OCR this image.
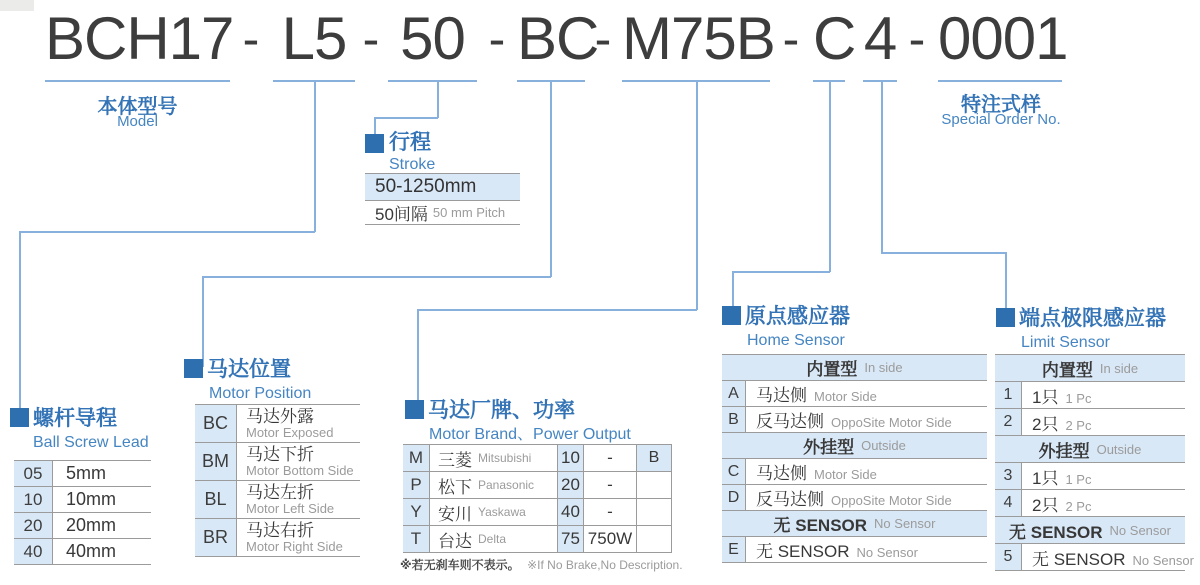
BCH17 - L5 - 50 - BC
- M75B - C 4 - 0001
本体型号
Model
特注式样
Special Order No.
行程
Stroke
50-1250mm
50间隔 50 mm Pitch
螺杆导程
Ball Screw Lead
05	5mm
10	10mm
20	20mm
40	40mm
马达位置
Motor Position
BC	马达外露
Motor Exposed
BM	马达下折
Motor Bottom Side
BL	马达左折
Motor Left Side
BR	马达右折
Motor Right Side
马达厂牌、功率
Motor Brand、Power Output
M 三菱 Mitsubishi 10	-	B
P 松下 Panasonic 20	-
Y 安川 Yaskawa 40	-
T 台达 Delta	75 750W
※若无刹车则不表示。 ※If No Brake,No Description.
原点感应器
Home Sensor
内置型 In side
A	马达侧 Motor Side
B	反马达侧 OppoSite Motor Side
外挂型 Outside
C 马达侧 Motor Side
D 反马达侧 OppoSite Motor Side
无 SENSOR No Sensor
E	无 SENSOR No Sensor
端点极限感应器
Limit Sensor
内置型 In side
1	1只 1 Pc
2	2只 2 Pc
外挂型 Outside
3	1只 1 Pc
4	2只 2 Pc
无 SENSOR No Sensor
5	无 SENSOR No Sensor
